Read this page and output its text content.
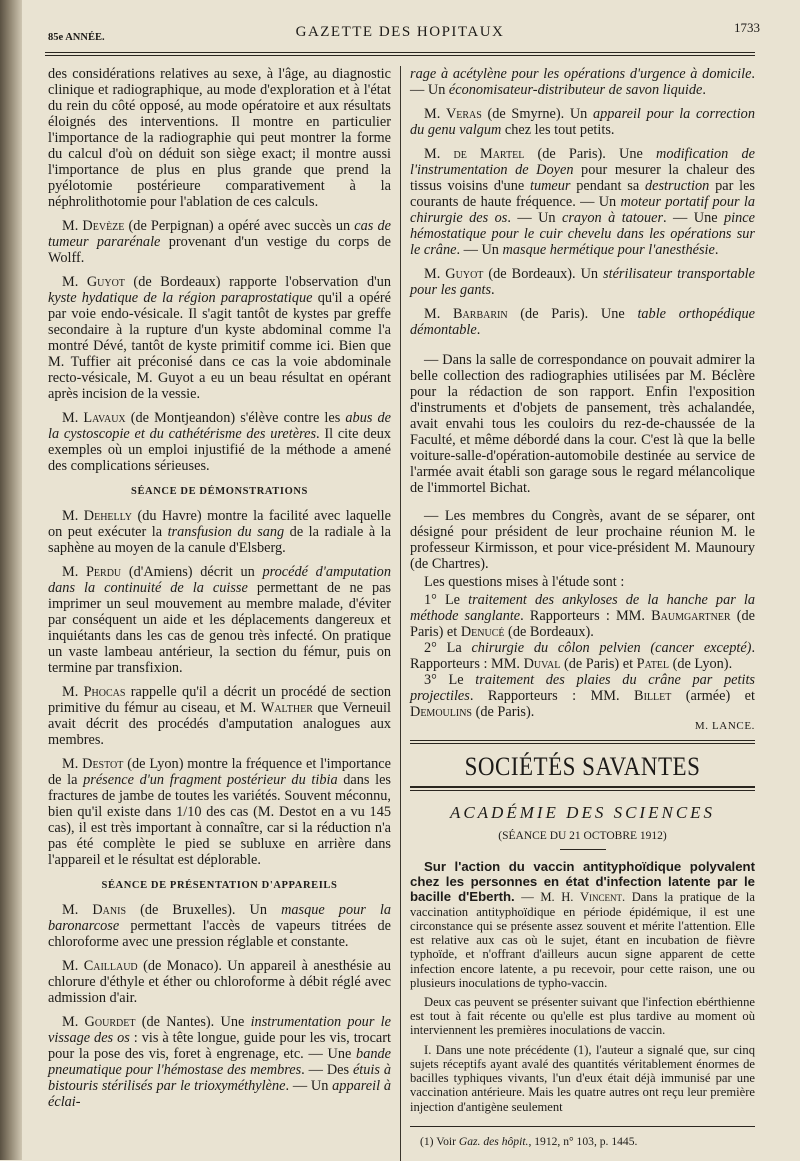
85e ANNÉE.	GAZETTE DES HOPITAUX	1733

des considérations relatives au sexe, à l'âge, au diagnostic clinique et radiographique, au mode d'exploration et à l'état du rein du côté opposé, au mode opératoire et aux résultats éloignés des interventions. Il montre en particulier l'importance de la radiographie qui peut montrer la forme du calcul d'où on déduit son siège exact; il montre aussi l'importance de plus en plus grande que prend la pyélotomie postérieure comparativement à la néphrolithotomie pour l'ablation de ces calculs.

M. Devèze (de Perpignan) a opéré avec succès un cas de tumeur pararénale provenant d'un vestige du corps de Wolff.

M. Guyot (de Bordeaux) rapporte l'observation d'un kyste hydatique de la région paraprostatique qu'il a opéré par voie endo-vésicale. Il s'agit tantôt de kystes par greffe secondaire à la rupture d'un kyste abdominal comme l'a montré Dévé, tantôt de kyste primitif comme ici. Bien que M. Tuffier ait préconisé dans ce cas la voie abdominale recto-vésicale, M. Guyot a eu un beau résultat en opérant après incision de la vessie.

M. Lavaux (de Montjeandon) s'élève contre les abus de la cystoscopie et du cathétérisme des uretères. Il cite deux exemples où un emploi injustifié de la méthode a amené des complications sérieuses.

SÉANCE DE DÉMONSTRATIONS

M. Dehelly (du Havre) montre la facilité avec laquelle on peut exécuter la transfusion du sang de la radiale à la saphène au moyen de la canule d'Elsberg.

M. Perdu (d'Amiens) décrit un procédé d'amputation dans la continuité de la cuisse permettant de ne pas imprimer un seul mouvement au membre malade, d'éviter par conséquent un aide et les déplacements dangereux et inquiétants dans les cas de genou très infecté. On pratique un vaste lambeau antérieur, la section du fémur, puis on termine par transfixion.

M. Phocas rappelle qu'il a décrit un procédé de section primitive du fémur au ciseau, et M. Walther que Verneuil avait décrit des procédés d'amputation analogues aux membres.

M. Destot (de Lyon) montre la fréquence et l'importance de la présence d'un fragment postérieur du tibia dans les fractures de jambe de toutes les variétés. Souvent méconnu, bien qu'il existe dans 1/10 des cas (M. Destot en a vu 145 cas), il est très important à connaître, car si la réduction n'a pas été complète le pied se subluxe en arrière dans l'appareil et le résultat est déplorable.

SÉANCE DE PRÉSENTATION D'APPAREILS

M. Danis (de Bruxelles). Un masque pour la baronarcose permettant l'accès de vapeurs titrées de chloroforme avec une pression réglable et constante.

M. Caillaud (de Monaco). Un appareil à anesthésie au chlorure d'éthyle et éther ou chloroforme à débit réglé avec admission d'air.

M. Gourdet (de Nantes). Une instrumentation pour le vissage des os : vis à tête longue, guide pour les vis, trocart pour la pose des vis, foret à engrenage, etc. — Une bande pneumatique pour l'hémostase des membres. — Des étuis à bistouris stérilisés par le trioxyméthylène. — Un appareil à éclai-

rage à acétylène pour les opérations d'urgence à domicile. — Un économisateur-distributeur de savon liquide.

M. Veras (de Smyrne). Un appareil pour la correction du genu valgum chez les tout petits.

M. de Martel (de Paris). Une modification de l'instrumentation de Doyen pour mesurer la chaleur des tissus voisins d'une tumeur pendant sa destruction par les courants de haute fréquence. — Un moteur portatif pour la chirurgie des os. — Un crayon à tatouer. — Une pince hémostatique pour le cuir chevelu dans les opérations sur le crâne. — Un masque hermétique pour l'anesthésie.

M. Guyot (de Bordeaux). Un stérilisateur transportable pour les gants.

M. Barbarin (de Paris). Une table orthopédique démontable.

— Dans la salle de correspondance on pouvait admirer la belle collection des radiographies utilisées par M. Béclère pour la rédaction de son rapport. Enfin l'exposition d'instruments et d'objets de pansement, très achalandée, avait envahi tous les couloirs du rez-de-chaussée de la Faculté, et même débordé dans la cour. C'est là que la belle voiture-salle-d'opération-automobile destinée au service de l'armée avait établi son garage sous le regard mélancolique de l'immortel Bichat.

— Les membres du Congrès, avant de se séparer, ont désigné pour président de leur prochaine réunion M. le professeur Kirmisson, et pour vice-président M. Maunoury (de Chartres).

Les questions mises à l'étude sont :

1° Le traitement des ankyloses de la hanche par la méthode sanglante. Rapporteurs : MM. Baumgartner (de Paris) et Denucé (de Bordeaux).

2° La chirurgie du côlon pelvien (cancer excepté). Rapporteurs : MM. Duval (de Paris) et Patel (de Lyon).

3° Le traitement des plaies du crâne par petits projectiles. Rapporteurs : MM. Billet (armée) et Demoulins (de Paris).

M. LANCE.
SOCIÉTÉS SAVANTES
ACADÉMIE DES SCIENCES
(SÉANCE DU 21 OCTOBRE 1912)

Sur l'action du vaccin antityphoïdique polyvalent chez les personnes en état d'infection latente par le bacille d'Eberth. — M. H. Vincent. Dans la pratique de la vaccination antityphoïdique en période épidémique, il est une circonstance qui se présente assez souvent et mérite l'attention. Elle est relative aux cas où le sujet, étant en incubation de fièvre typhoïde, et n'offrant d'ailleurs aucun signe apparent de cette infection encore latente, a pu recevoir, pour cette raison, une ou plusieurs inoculations de typho-vaccin.

Deux cas peuvent se présenter suivant que l'infection ebérthienne est tout à fait récente ou qu'elle est plus tardive au moment où interviennent les premières inoculations de vaccin.

I. Dans une note précédente (1), l'auteur a signalé que, sur cinq sujets réceptifs ayant avalé des quantités véritablement énormes de bacilles typhiques vivants, l'un d'eux était déjà immunisé par une vaccination antérieure. Mais les quatre autres ont reçu leur première injection d'antigène seulement

(1) Voir Gaz. des hôpit., 1912, n° 103, p. 1445.
